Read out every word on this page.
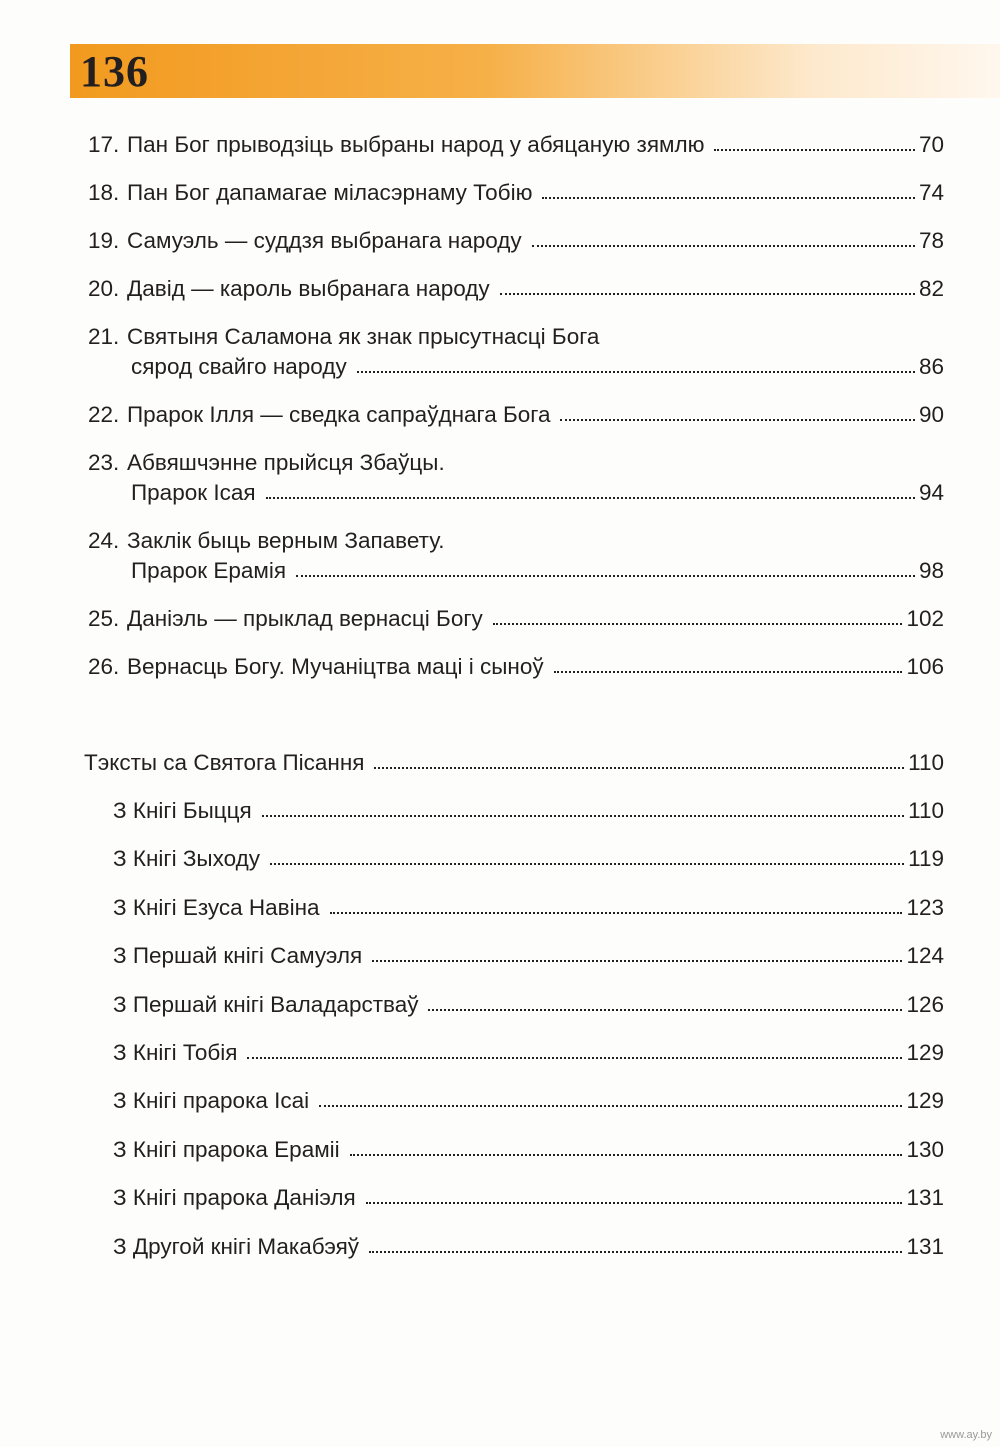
136
17. Пан Бог прыводзіць выбраны народ у абяцаную зямлю	70
18. Пан Бог дапамагае міласэрнаму Тобію	74
19. Самуэль — суддзя выбранага народу	78
20. Давід — кароль выбранага народу	82
21. Святыня Саламона як знак прысутнасці Бога
сярод свайго народу	86
22. Прарок Ілля — сведка сапраўднага Бога	90
23. Абвяшчэнне прыйсця Збаўцы.
Прарок Ісая	94
24. Заклік быць верным Запавету.
Прарок Ерамія	98
25. Даніэль — прыклад вернасці Богу	102
26. Вернасць Богу. Мучаніцтва маці і сыноў	106
Тэксты са Святога Пісання	110
З Кнігі Быцця	110
З Кнігі Зыходу	119
З Кнігі Езуса Навіна	123
З Першай кнігі Самуэля	124
З Першай кнігі Валадарстваў	126
З Кнігі Тобія	129
З Кнігі прарока Ісаі	129
З Кнігі прарока Ераміі	130
З Кнігі прарока Даніэля	131
З Другой кнігі Макабэяў	131
www.ay.by
